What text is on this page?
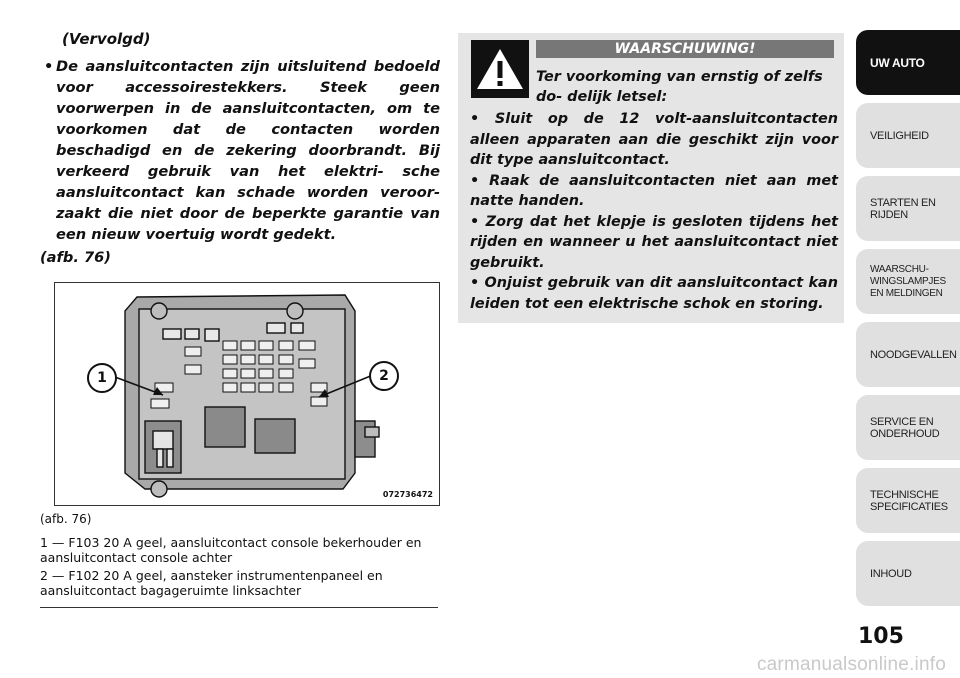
(Vervolgd)

• De aansluitcontacten zijn uitsluitend bedoeld voor accessoirestekkers. Steek geen voorwerpen in de aansluitcontacten, om te voorkomen dat de contacten worden beschadigd en de zekering doorbrandt. Bij verkeerd gebruik van het elektri- sche aansluitcontact kan schade worden veroor- zaakt die niet door de beperkte garantie van een nieuw voertuig wordt gedekt.

(afb. 76)

1	2
072736472
(afb. 76)

1 — F103 20 A geel, aansluitcontact console bekerhouder en aansluitcontact console achter

2 — F102 20 A geel, aansteker instrumentenpaneel en aansluitcontact bagageruimte linksachter

WAARSCHUWING!
Ter voorkoming van ernstig of zelfs do- delijk letsel:

• Sluit op de 12 volt-aansluitcontacten alleen apparaten aan die geschikt zijn voor dit type aansluitcontact.

• Raak de aansluitcontacten niet aan met natte handen.

• Zorg dat het klepje is gesloten tijdens het rijden en wanneer u het aansluitcontact niet gebruikt.

• Onjuist gebruik van dit aansluitcontact kan leiden tot een elektrische schok en storing.

UW AUTO
VEILIGHEID
STARTEN EN RIJDEN
WAARSCHU- WINGSLAMPJES EN MELDINGEN
NOODGEVALLEN
SERVICE EN ONDERHOUD
TECHNISCHE SPECIFICATIES
INHOUD
105
carmanualsonline.info
